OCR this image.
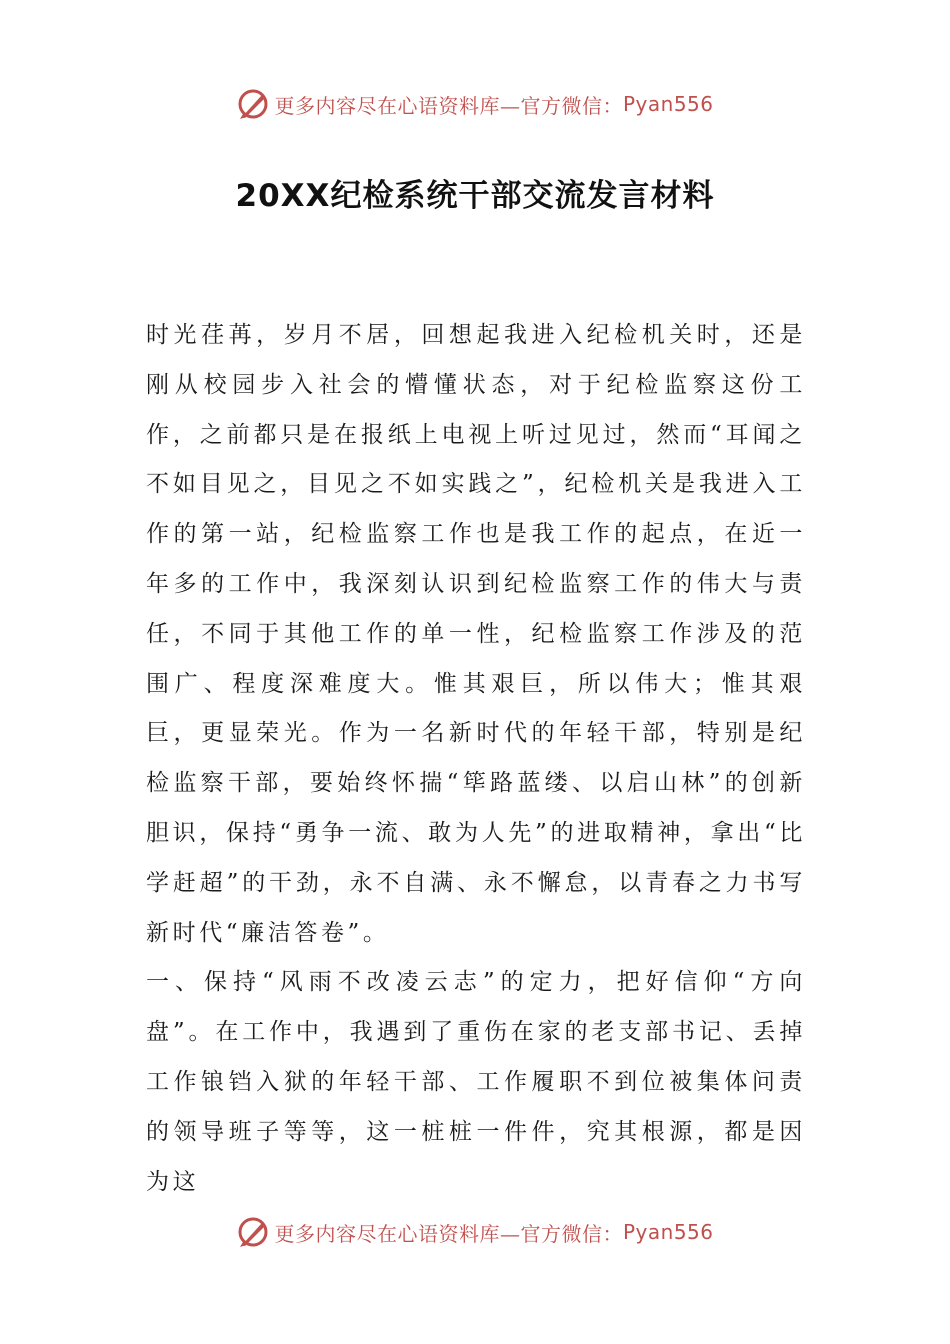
更多内容尽在心语资料库—官方微信： Pyan556
20XX纪检系统干部交流发言材料

时光荏苒，岁月不居，回想起我进入纪检机关时，还是刚从校园步入社会的懵懂状态，对于纪检监察这份工作，之前都只是在报纸上电视上听过见过，然而“耳闻之不如目见之，目见之不如实践之”，纪检机关是我进入工作的第一站，纪检监察工作也是我工作的起点，在近一年多的工作中，我深刻认识到纪检监察工作的伟大与责任，不同于其他工作的单一性，纪检监察工作涉及的范围广、程度深难度大。惟其艰巨，所以伟大；惟其艰巨，更显荣光。作为一名新时代的年轻干部，特别是纪检监察干部，要始终怀揣“筚路蓝缕、以启山林”的创新胆识，保持“勇争一流、敢为人先”的进取精神，拿出“比学赶超”的干劲，永不自满、永不懈怠，以青春之力书写新时代“廉洁答卷”。

一、保持“风雨不改凌云志”的定力，把好信仰“方向盘”。在工作中，我遇到了重伤在家的老支部书记、丢掉工作锒铛入狱的年轻干部、工作履职不到位被集体问责的领导班子等等，这一桩桩一件件，究其根源，都是因为这

更多内容尽在心语资料库—官方微信： Pyan556
